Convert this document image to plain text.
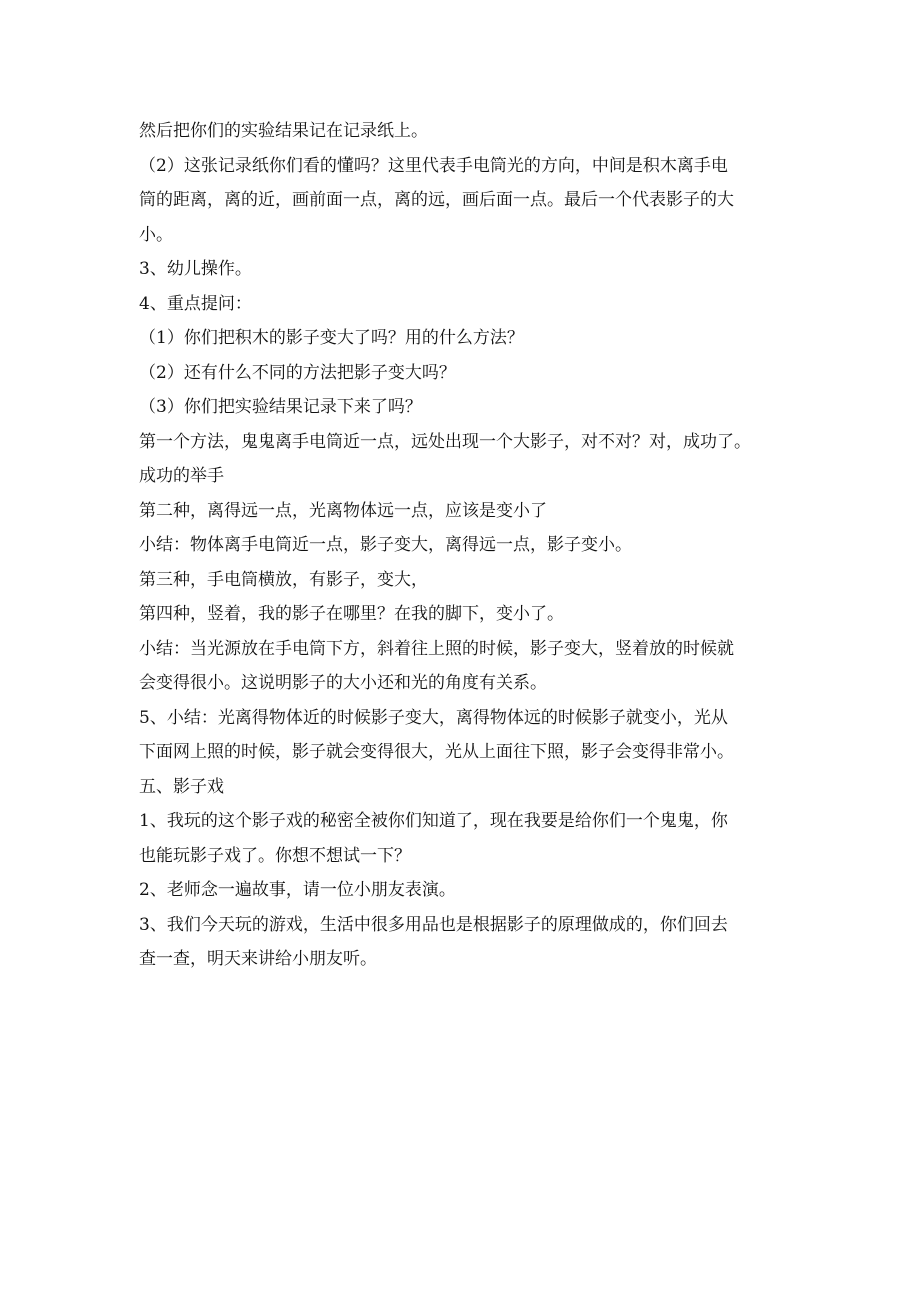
然后把你们的实验结果记在记录纸上。
（2）这张记录纸你们看的懂吗？这里代表手电筒光的方向，中间是积木离手电
筒的距离，离的近，画前面一点，离的远，画后面一点。最后一个代表影子的大
小。
3、幼儿操作。
4、重点提问：
（1）你们把积木的影子变大了吗？用的什么方法？
（2）还有什么不同的方法把影子变大吗？
（3）你们把实验结果记录下来了吗？
第一个方法，鬼鬼离手电筒近一点，远处出现一个大影子，对不对？对，成功了。
成功的举手
第二种，离得远一点，光离物体远一点，应该是变小了
小结：物体离手电筒近一点，影子变大，离得远一点，影子变小。
第三种，手电筒横放，有影子，变大，
第四种，竖着，我的影子在哪里？在我的脚下，变小了。
小结：当光源放在手电筒下方，斜着往上照的时候，影子变大，竖着放的时候就
会变得很小。这说明影子的大小还和光的角度有关系。
5、小结：光离得物体近的时候影子变大，离得物体远的时候影子就变小，光从
下面网上照的时候，影子就会变得很大，光从上面往下照，影子会变得非常小。
五、影子戏
1、我玩的这个影子戏的秘密全被你们知道了，现在我要是给你们一个鬼鬼，你
也能玩影子戏了。你想不想试一下？
2、老师念一遍故事，请一位小朋友表演。
3、我们今天玩的游戏，生活中很多用品也是根据影子的原理做成的，你们回去
查一查，明天来讲给小朋友听。
